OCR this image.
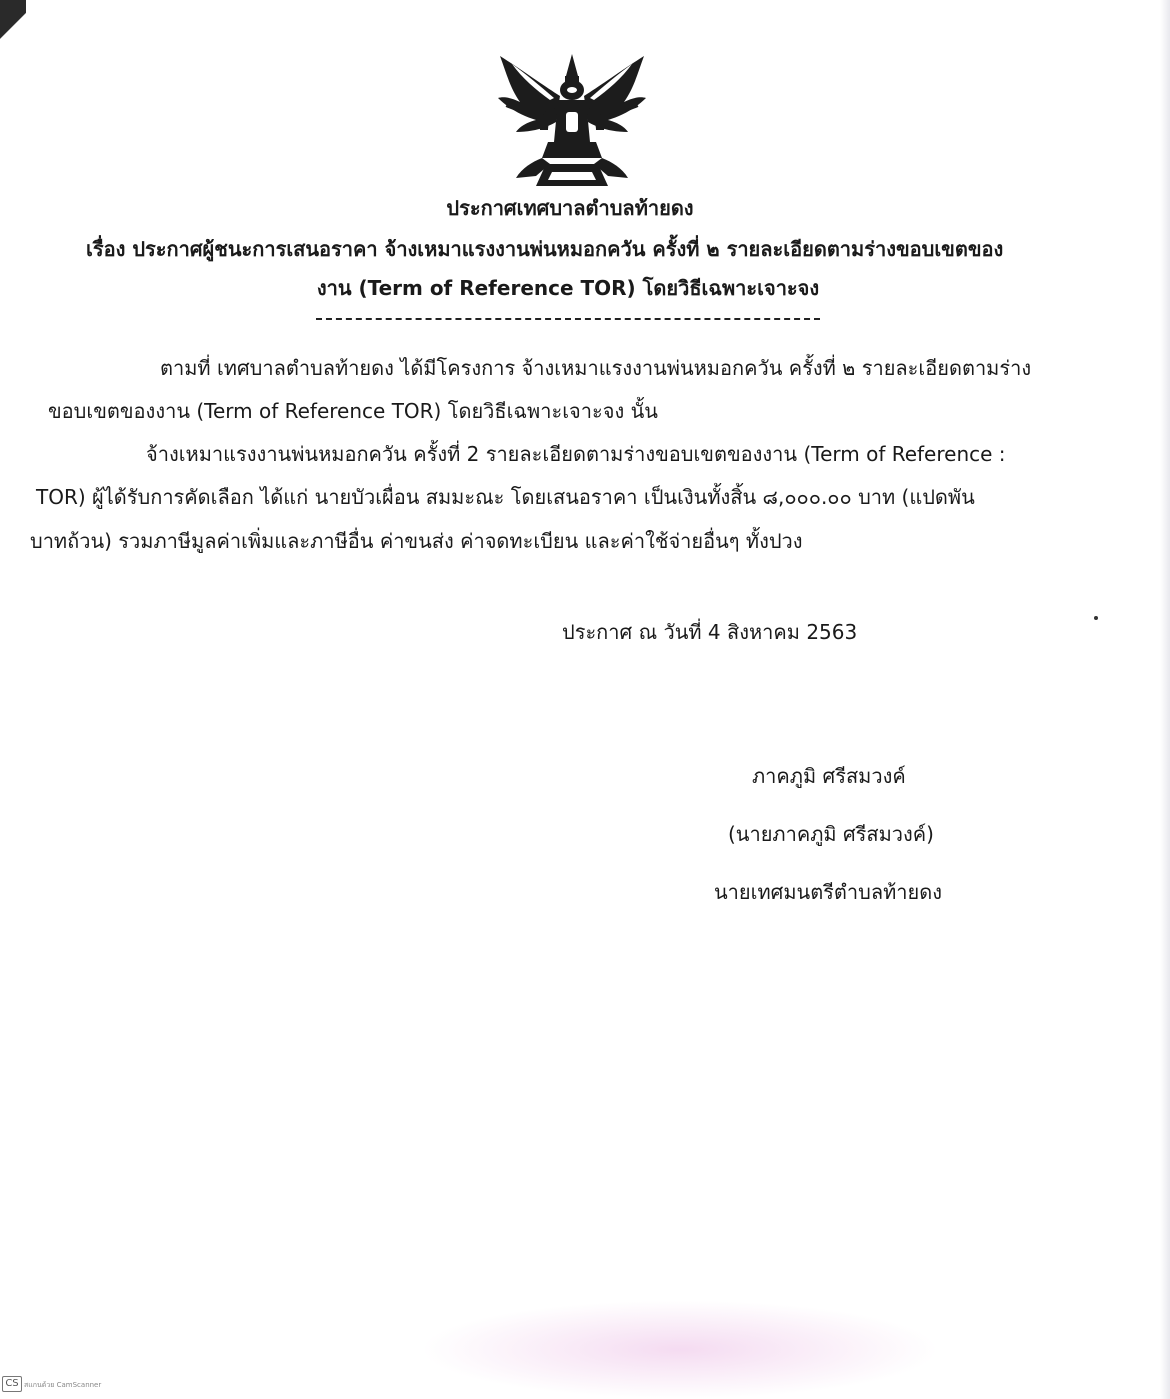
ประกาศเทศบาลตำบลท้ายดง
เรื่อง ประกาศผู้ชนะการเสนอราคา จ้างเหมาแรงงานพ่นหมอกควัน ครั้งที่ ๒ รายละเอียดตามร่างขอบเขตของ
งาน (Term of Reference TOR) โดยวิธีเฉพาะเจาะจง
ตามที่ เทศบาลตำบลท้ายดง ได้มีโครงการ จ้างเหมาแรงงานพ่นหมอกควัน ครั้งที่ ๒ รายละเอียดตามร่าง
ขอบเขตของงาน (Term of Reference TOR) โดยวิธีเฉพาะเจาะจง นั้น
จ้างเหมาแรงงานพ่นหมอกควัน ครั้งที่ 2 รายละเอียดตามร่างขอบเขตของงาน (Term of Reference :
TOR) ผู้ได้รับการคัดเลือก ได้แก่ นายบัวเผื่อน สมมะณะ โดยเสนอราคา เป็นเงินทั้งสิ้น ๘,๐๐๐.๐๐ บาท (แปดพัน
บาทถ้วน) รวมภาษีมูลค่าเพิ่มและภาษีอื่น ค่าขนส่ง ค่าจดทะเบียน และค่าใช้จ่ายอื่นๆ ทั้งปวง
ประกาศ ณ วันที่ 4 สิงหาคม 2563
ภาคภูมิ ศรีสมวงค์
(นายภาคภูมิ ศรีสมวงค์)
นายเทศมนตรีตำบลท้ายดง
CS สแกนด้วย CamScanner
